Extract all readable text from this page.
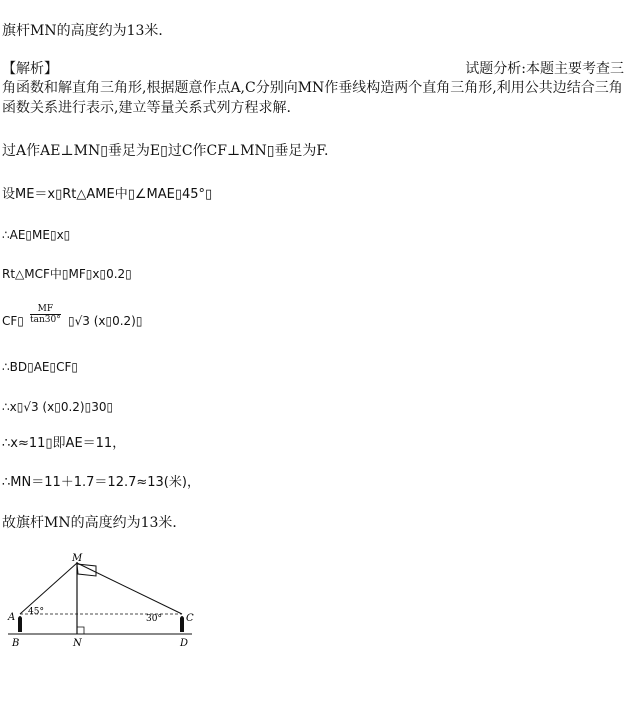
旗杆MN的高度约为13米．
【解析】	试题分析:本题主要考查三
角函数和解直角三角形,根据题意作点A,C分别向MN作垂线构造两个直角三角形,利用公共边结合三角函数关系进行表示,建立等量关系式列方程求解.
过A作AE⊥MN▯垂足为E▯过C作CF⊥MN▯垂足为F.
设ME＝x▯Rt△AME中▯∠MAE▯45°▯
∴AE▯ME▯x▯
Rt△MCF中▯MF▯x▯0.2▯
CF▯ $\frac{MF}{\tan 30^\circ}$ ▯√3 (x▯0.2)▯
∴BD▯AE▯CF▯
∴x▯√3 (x▯0.2)▯30▯
∴x≈11▯即AE＝11，
∴MN＝11＋1.7＝12.7≈13(米)，
故旗杆MN的高度约为13米．
M
A 45°
B	N
30° C
D
